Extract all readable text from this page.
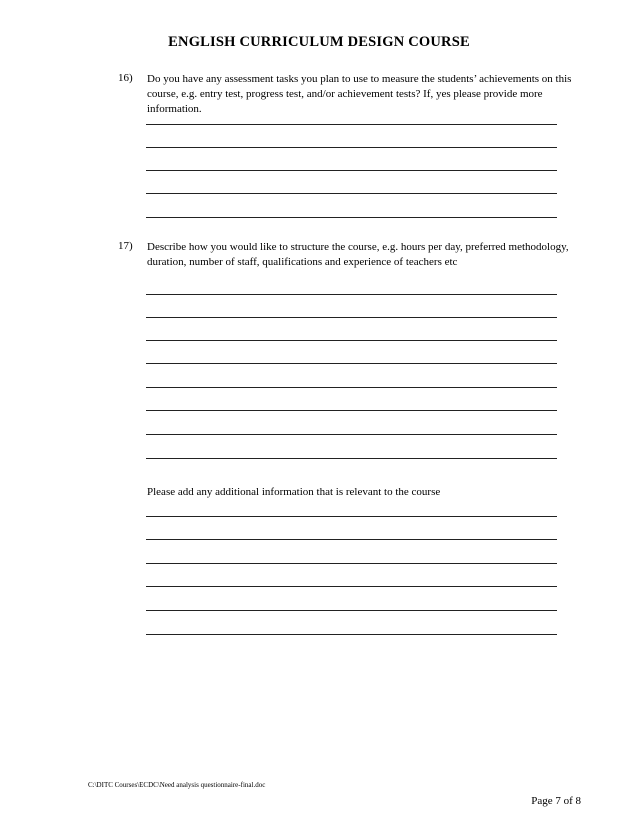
ENGLISH CURRICULUM DESIGN COURSE
16) Do you have any assessment tasks you plan to use to measure the students’ achievements on this course, e.g. entry test, progress test, and/or achievement tests? If, yes please provide more information.
17) Describe how you would like to structure the course, e.g. hours per day, preferred methodology, duration, number of staff, qualifications and experience of teachers etc
Please add any additional information that is relevant to the course
C:\DITC Courses\ECDC\Need analysis questionnaire-final.doc
Page 7 of 8
